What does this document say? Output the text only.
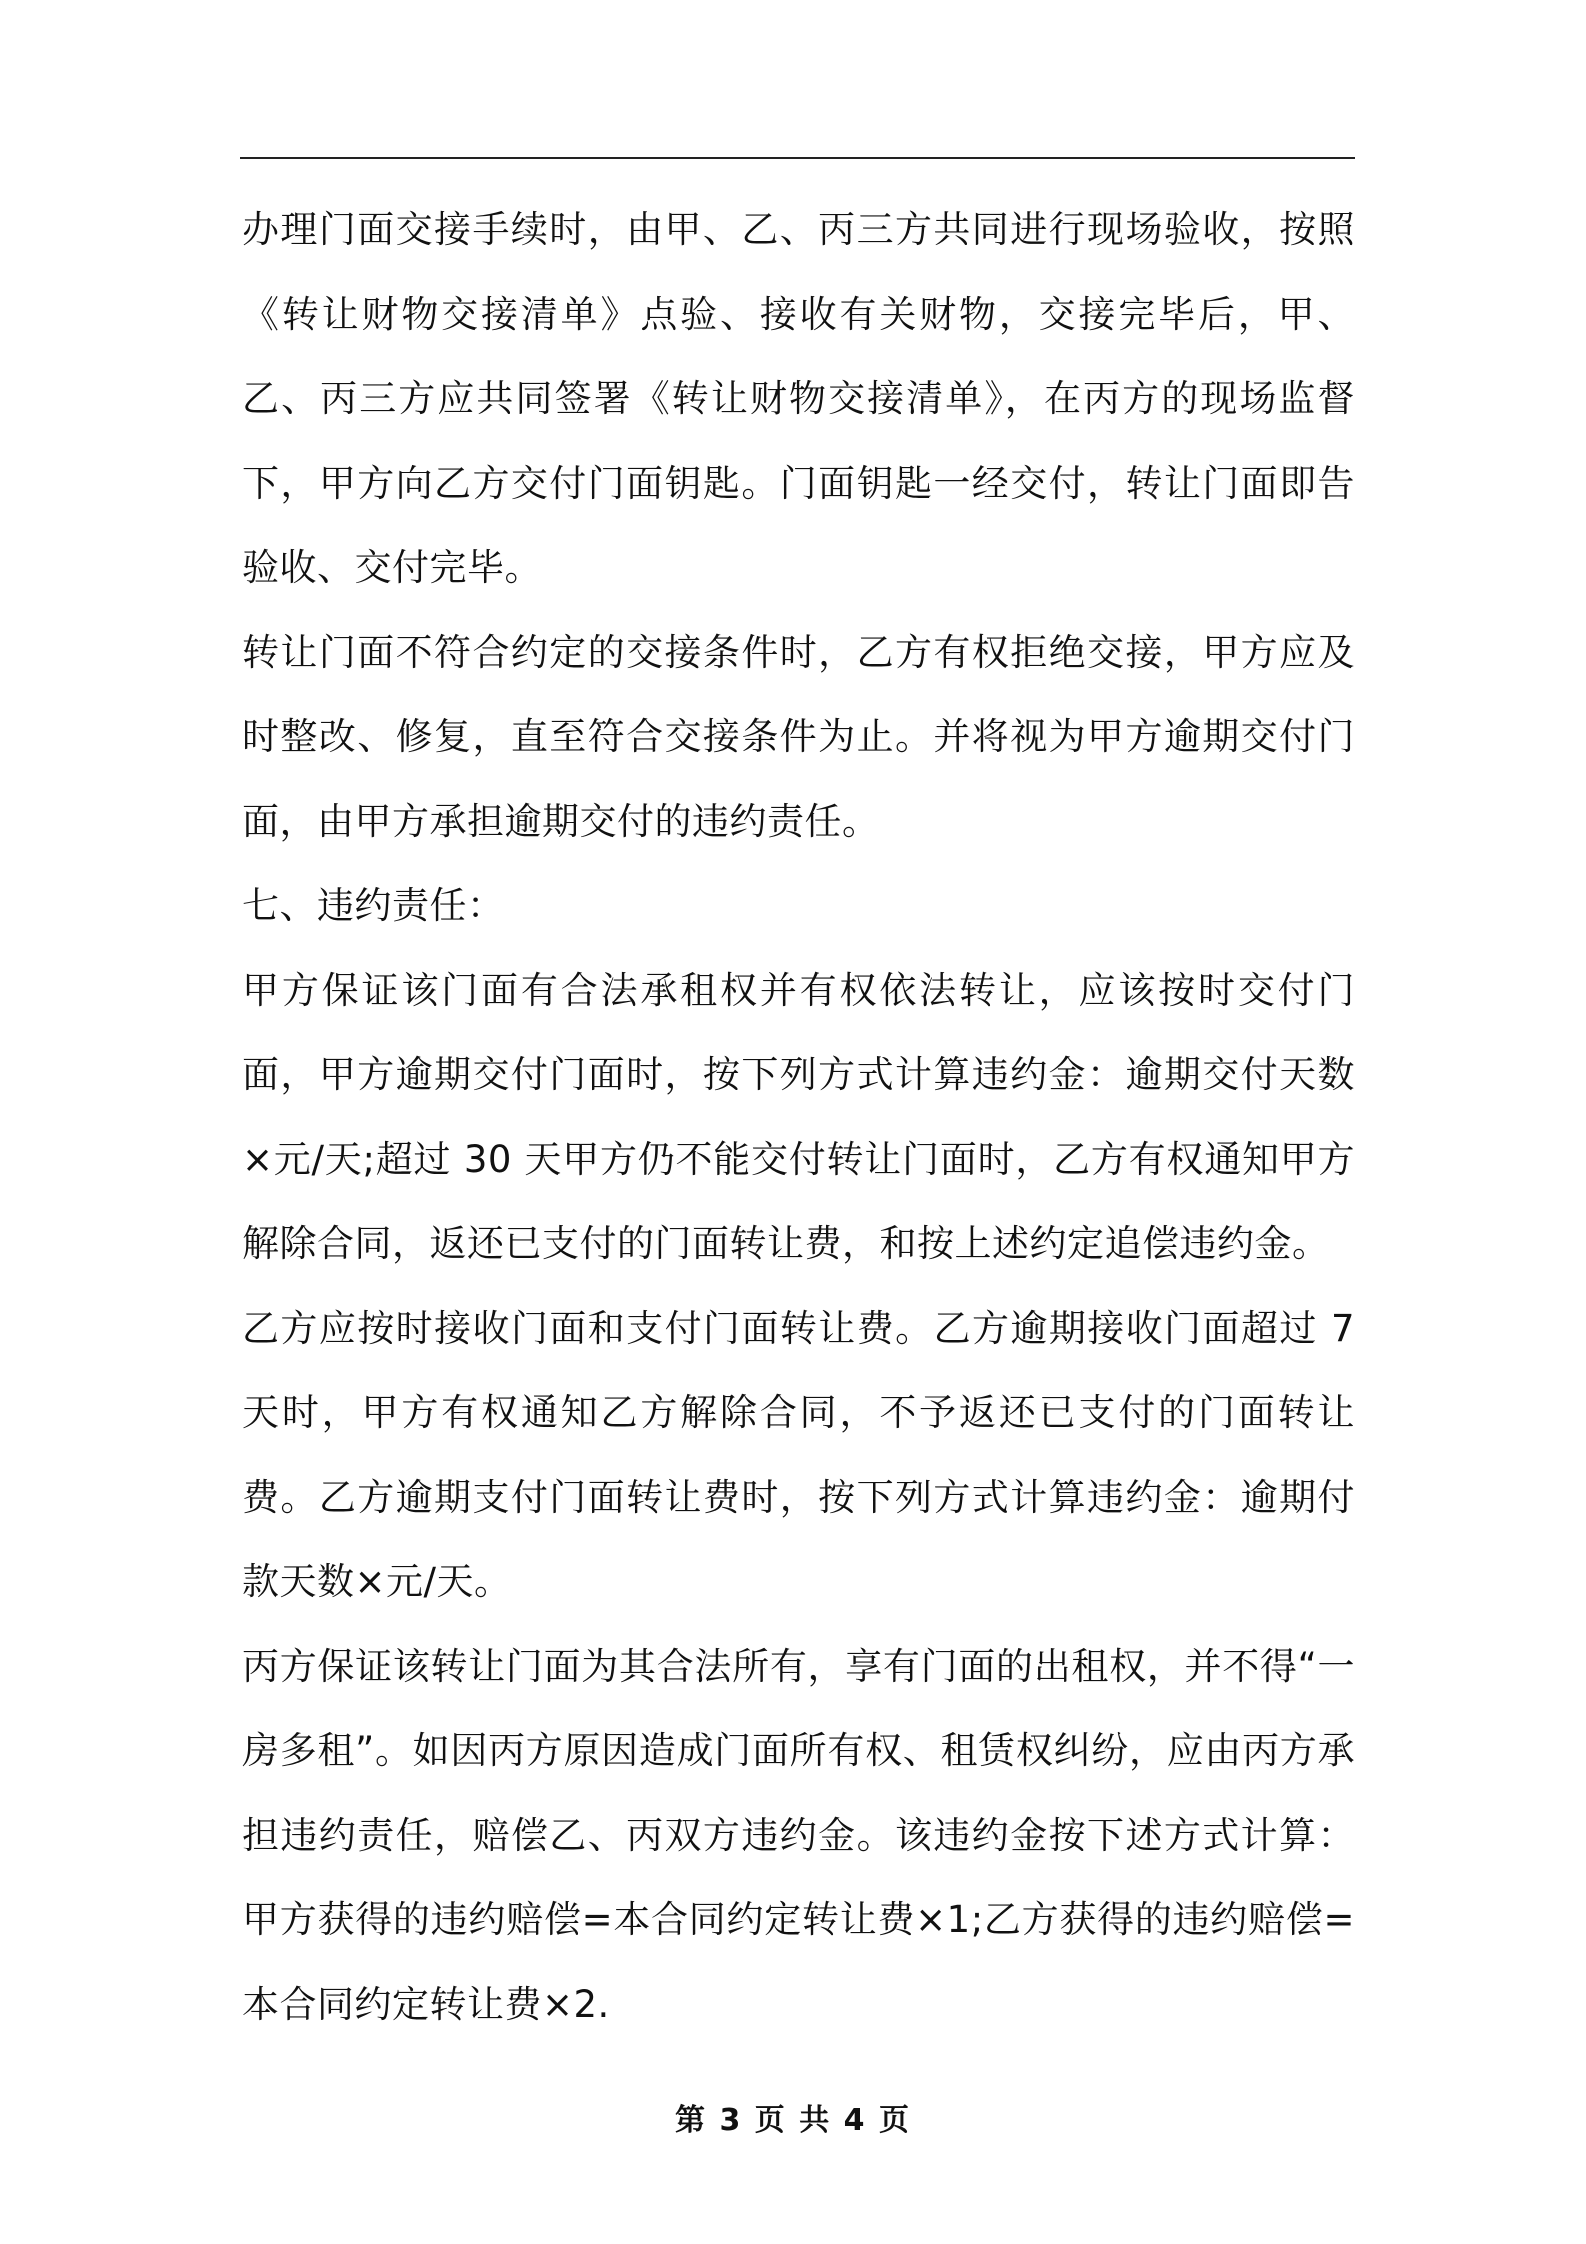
办理门面交接手续时，由甲、乙、丙三方共同进行现场验收，按照《转让财物交接清单》点验、接收有关财物，交接完毕后，甲、乙、丙三方应共同签署《转让财物交接清单》，在丙方的现场监督下，甲方向乙方交付门面钥匙。门面钥匙一经交付，转让门面即告验收、交付完毕。

转让门面不符合约定的交接条件时，乙方有权拒绝交接，甲方应及时整改、修复，直至符合交接条件为止。并将视为甲方逾期交付门面，由甲方承担逾期交付的违约责任。

七、违约责任：

甲方保证该门面有合法承租权并有权依法转让，应该按时交付门面，甲方逾期交付门面时，按下列方式计算违约金：逾期交付天数×元/天;超过 30 天甲方仍不能交付转让门面时，乙方有权通知甲方解除合同，返还已支付的门面转让费，和按上述约定追偿违约金。

乙方应按时接收门面和支付门面转让费。乙方逾期接收门面超过 7天时，甲方有权通知乙方解除合同，不予返还已支付的门面转让费。乙方逾期支付门面转让费时，按下列方式计算违约金：逾期付款天数×元/天。

丙方保证该转让门面为其合法所有，享有门面的出租权，并不得“一房多租”。如因丙方原因造成门面所有权、租赁权纠纷，应由丙方承担违约责任，赔偿乙、丙双方违约金。该违约金按下述方式计算：甲方获得的违约赔偿=本合同约定转让费×1;乙方获得的违约赔偿=本合同约定转让费×2.

第 3 页 共 4 页
